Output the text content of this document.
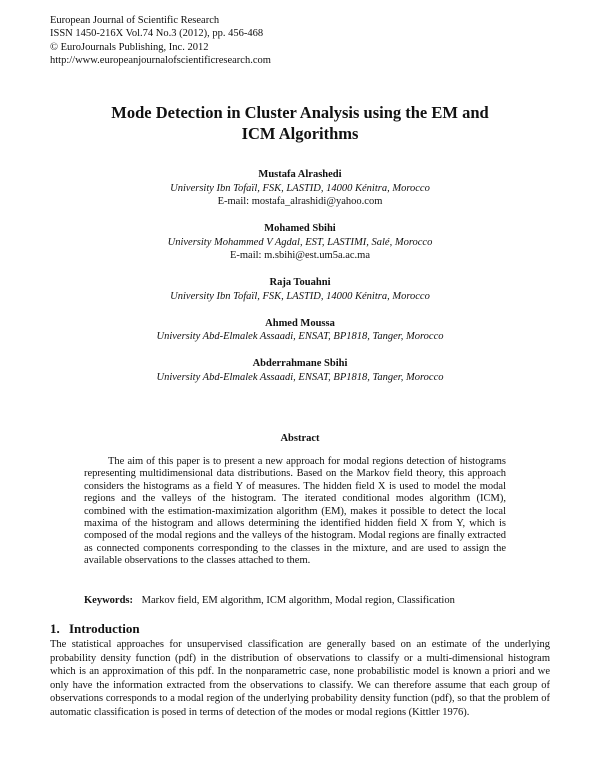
European Journal of Scientific Research
ISSN 1450-216X Vol.74 No.3 (2012), pp. 456-468
© EuroJournals Publishing, Inc. 2012
http://www.europeanjournalofscientificresearch.com
Mode Detection in Cluster Analysis using the EM and
ICM Algorithms
Mustafa Alrashedi
University Ibn Tofaïl, FSK, LASTID, 14000 Kénitra, Morocco
E-mail: mostafa_alrashidi@yahoo.com
Mohamed Sbihi
University Mohammed V Agdal, EST, LASTIMI, Salé, Morocco
E-mail: m.sbihi@est.um5a.ac.ma
Raja Touahni
University Ibn Tofaïl, FSK, LASTID, 14000 Kénitra, Morocco
Ahmed Moussa
University Abd-Elmalek Assaadi, ENSAT, BP1818, Tanger, Morocco
Abderrahmane Sbihi
University Abd-Elmalek Assaadi, ENSAT, BP1818, Tanger, Morocco
Abstract
The aim of this paper is to present a new approach for modal regions detection of histograms representing multidimensional data distributions. Based on the Markov field theory, this approach considers the histograms as a field Y of measures. The hidden field X is used to model the modal regions and the valleys of the histogram. The iterated conditional modes algorithm (ICM), combined with the estimation-maximization algorithm (EM), makes it possible to detect the local maxima of the histogram and allows determining the identified hidden field X from Y, which is composed of the modal regions and the valleys of the histogram. Modal regions are finally extracted as connected components corresponding to the classes in the mixture, and are used to assign the available observations to the classes attached to them.
Keywords: Markov field, EM algorithm, ICM algorithm, Modal region, Classification
1. Introduction
The statistical approaches for unsupervised classification are generally based on an estimate of the underlying probability density function (pdf) in the distribution of observations to classify or a multi-dimensional histogram which is an approximation of this pdf. In the nonparametric case, none probabilistic model is known a priori and we only have the information extracted from the observations to classify. We can therefore assume that each group of observations corresponds to a modal region of the underlying probability density function (pdf), so that the problem of automatic classification is posed in terms of detection of the modes or modal regions (Kittler 1976).
